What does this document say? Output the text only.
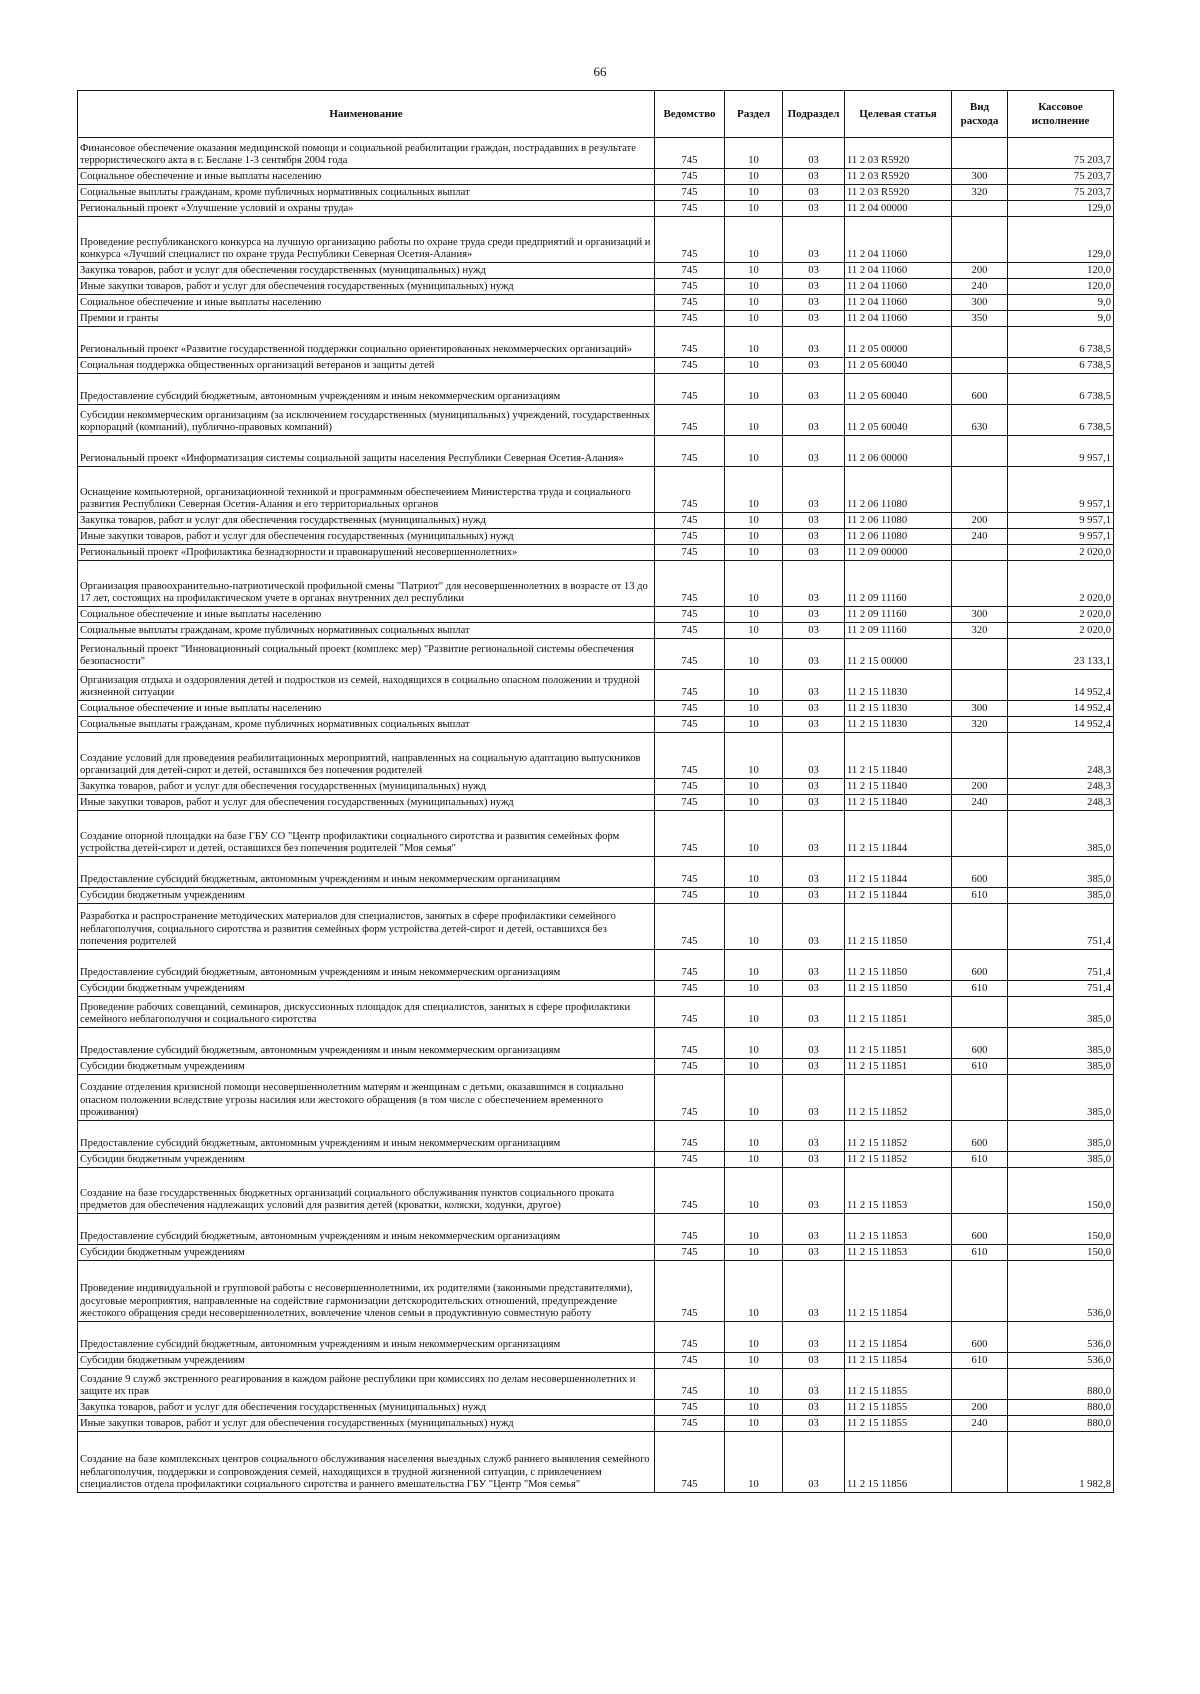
66
Наименование	Ведомство	Раздел	Подраздел	Целевая статья	Вид расхода	Кассовое исполнение
Финансовое обеспечение оказания медицинской помощи и социальной реабилитации граждан, пострадавших в результате террористического акта в г. Беслане 1-3 сентября 2004 года	745	10	03	11 2 03 R5920		75 203,7
Социальное обеспечение и иные выплаты населению	745	10	03	11 2 03 R5920	300	75 203,7
Социальные выплаты гражданам, кроме публичных нормативных социальных выплат	745	10	03	11 2 03 R5920	320	75 203,7
Региональный проект «Улучшение условий и охраны труда»	745	10	03	11 2 04 00000		129,0
Проведение республиканского конкурса на лучшую организацию работы по охране труда среди предприятий и организаций и конкурса «Лучший специалист по охране труда Республики Северная Осетия-Алания»	745	10	03	11 2 04 11060		129,0
Закупка товаров, работ и услуг для обеспечения государственных (муниципальных) нужд	745	10	03	11 2 04 11060	200	120,0
Иные закупки товаров, работ и услуг для обеспечения государственных (муниципальных) нужд	745	10	03	11 2 04 11060	240	120,0
Социальное обеспечение и иные выплаты населению	745	10	03	11 2 04 11060	300	9,0
Премии и гранты	745	10	03	11 2 04 11060	350	9,0
Региональный проект «Развитие государственной поддержки социально ориентированных некоммерческих организаций»	745	10	03	11 2 05 00000		6 738,5
Социальная поддержка общественных организаций ветеранов и защиты детей	745	10	03	11 2 05 60040		6 738,5
Предоставление субсидий бюджетным, автономным учреждениям и иным некоммерческим организациям	745	10	03	11 2 05 60040	600	6 738,5
Субсидии некоммерческим организациям (за исключением государственных (муниципальных) учреждений, государственных корпораций (компаний), публично-правовых компаний)	745	10	03	11 2 05 60040	630	6 738,5
Региональный проект «Информатизация системы социальной защиты населения Республики Северная Осетия-Алания»	745	10	03	11 2 06 00000		9 957,1
Оснащение компьютерной, организационной техникой и программным обеспечением Министерства труда и социального развития Республики Северная Осетия-Алания и его территориальных органов	745	10	03	11 2 06 11080		9 957,1
Закупка товаров, работ и услуг для обеспечения государственных (муниципальных) нужд	745	10	03	11 2 06 11080	200	9 957,1
Иные закупки товаров, работ и услуг для обеспечения государственных (муниципальных) нужд	745	10	03	11 2 06 11080	240	9 957,1
Региональный проект «Профилактика безнадзорности и правонарушений несовершеннолетних»	745	10	03	11 2 09 00000		2 020,0
Организация правоохранительно-патриотической профильной смены "Патриот" для несовершеннолетних в возрасте от 13 до 17 лет, состоящих на профилактическом учете в органах внутренних дел республики	745	10	03	11 2 09 11160		2 020,0
Социальное обеспечение и иные выплаты населению	745	10	03	11 2 09 11160	300	2 020,0
Социальные выплаты гражданам, кроме публичных нормативных социальных выплат	745	10	03	11 2 09 11160	320	2 020,0
Региональный проект "Инновационный социальный проект (комплекс мер) "Развитие региональной системы обеспечения безопасности"	745	10	03	11 2 15 00000		23 133,1
Организация отдыха и оздоровления детей и подростков из семей, находящихся в социально опасном положении и трудной жизненной ситуации	745	10	03	11 2 15 11830		14 952,4
Социальное обеспечение и иные выплаты населению	745	10	03	11 2 15 11830	300	14 952,4
Социальные выплаты гражданам, кроме публичных нормативных социальных выплат	745	10	03	11 2 15 11830	320	14 952,4
Создание условий для проведения реабилитационных мероприятий, направленных на социальную адаптацию выпускников организаций для детей-сирот и детей, оставшихся без попечения родителей	745	10	03	11 2 15 11840		248,3
Закупка товаров, работ и услуг для обеспечения государственных (муниципальных) нужд	745	10	03	11 2 15 11840	200	248,3
Иные закупки товаров, работ и услуг для обеспечения государственных (муниципальных) нужд	745	10	03	11 2 15 11840	240	248,3
Создание опорной площадки на базе ГБУ СО "Центр профилактики социального сиротства и развития семейных форм устройства детей-сирот и детей, оставшихся без попечения родителей "Моя семья"	745	10	03	11 2 15 11844		385,0
Предоставление субсидий бюджетным, автономным учреждениям и иным некоммерческим организациям	745	10	03	11 2 15 11844	600	385,0
Субсидии бюджетным учреждениям	745	10	03	11 2 15 11844	610	385,0
Разработка и распространение методических материалов для специалистов, занятых в сфере профилактики семейного неблагополучия, социального сиротства и развития семейных форм устройства детей-сирот и детей, оставшихся без попечения родителей	745	10	03	11 2 15 11850		751,4
Предоставление субсидий бюджетным, автономным учреждениям и иным некоммерческим организациям	745	10	03	11 2 15 11850	600	751,4
Субсидии бюджетным учреждениям	745	10	03	11 2 15 11850	610	751,4
Проведение рабочих совещаний, семинаров, дискуссионных площадок для специалистов, занятых в сфере профилактики семейного неблагополучия и социального сиротства	745	10	03	11 2 15 11851		385,0
Предоставление субсидий бюджетным, автономным учреждениям и иным некоммерческим организациям	745	10	03	11 2 15 11851	600	385,0
Субсидии бюджетным учреждениям	745	10	03	11 2 15 11851	610	385,0
Создание отделения кризисной помощи несовершеннолетним матерям и женщинам с детьми, оказавшимся в социально опасном положении вследствие угрозы насилия или жестокого обращения (в том числе с обеспечением временного проживания)	745	10	03	11 2 15 11852		385,0
Предоставление субсидий бюджетным, автономным учреждениям и иным некоммерческим организациям	745	10	03	11 2 15 11852	600	385,0
Субсидии бюджетным учреждениям	745	10	03	11 2 15 11852	610	385,0
Создание на базе государственных бюджетных организаций социального обслуживания пунктов социального проката предметов для обеспечения надлежащих условий для развития детей (кроватки, коляски, ходунки, другое)	745	10	03	11 2 15 11853		150,0
Предоставление субсидий бюджетным, автономным учреждениям и иным некоммерческим организациям	745	10	03	11 2 15 11853	600	150,0
Субсидии бюджетным учреждениям	745	10	03	11 2 15 11853	610	150,0
Проведение индивидуальной и групповой работы с несовершеннолетними, их родителями (законными представителями), досуговые мероприятия, направленные на содействие гармонизации детскородительских отношений, предупреждение жестокого обращения среди несовершеннолетних, вовлечение членов семьи в продуктивную совместную работу	745	10	03	11 2 15 11854		536,0
Предоставление субсидий бюджетным, автономным учреждениям и иным некоммерческим организациям	745	10	03	11 2 15 11854	600	536,0
Субсидии бюджетным учреждениям	745	10	03	11 2 15 11854	610	536,0
Создание 9 служб экстренного реагирования в каждом районе республики при комиссиях по делам несовершеннолетних и защите их прав	745	10	03	11 2 15 11855		880,0
Закупка товаров, работ и услуг для обеспечения государственных (муниципальных) нужд	745	10	03	11 2 15 11855	200	880,0
Иные закупки товаров, работ и услуг для обеспечения государственных (муниципальных) нужд	745	10	03	11 2 15 11855	240	880,0
Создание на базе комплексных центров социального обслуживания населения выездных служб раннего выявления семейного неблагополучия, поддержки и сопровождения семей, находящихся в трудной жизненной ситуации, с привлечением специалистов отдела профилактики социального сиротства и раннего вмешательства ГБУ "Центр "Моя семья"	745	10	03	11 2 15 11856		1 982,8
